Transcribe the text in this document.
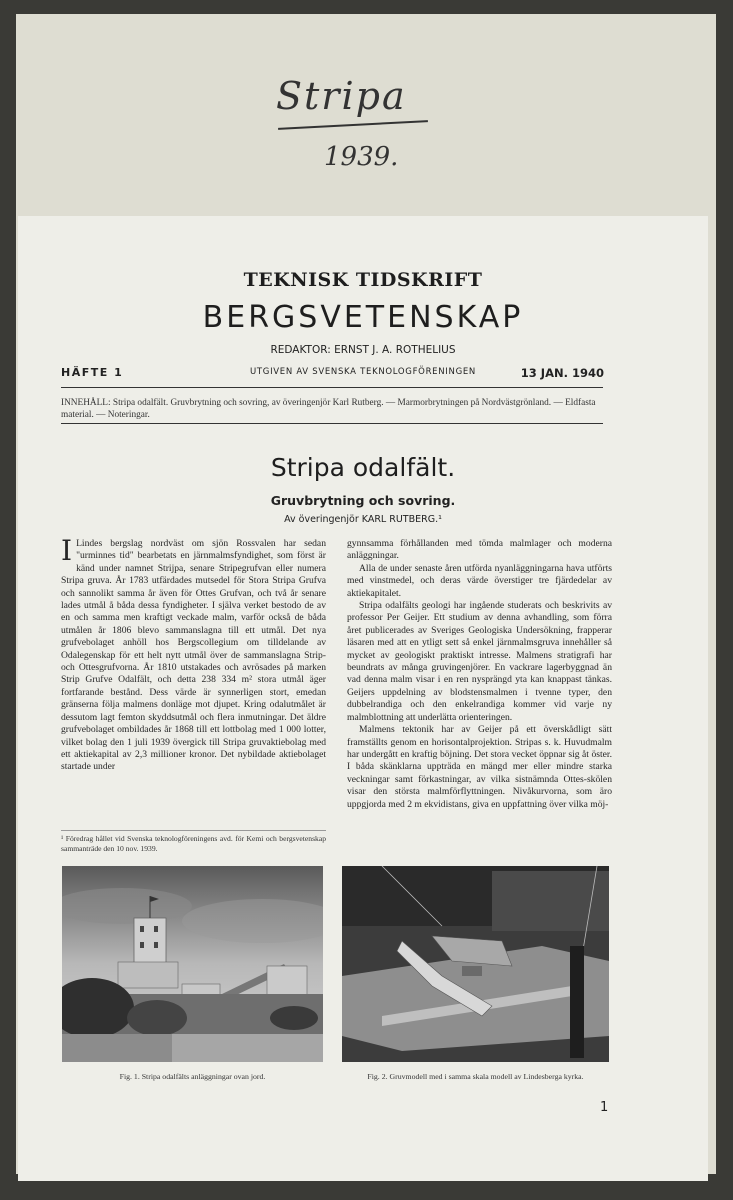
Stripa
1939.
TEKNISK TIDSKRIFT
BERGSVETENSKAP
REDAKTOR: ERNST J. A. ROTHELIUS
HÄFTE 1	UTGIVEN AV SVENSKA TEKNOLOGFÖRENINGEN	13 JAN. 1940
INNEHÅLL: Stripa odalfält. Gruvbrytning och sovring, av överingenjör Karl Rutberg. — Marmorbrytningen på Nordvästgrönland. — Eldfasta material. — Noteringar.
Stripa odalfält.
Gruvbrytning och sovring.
Av överingenjör KARL RUTBERG.¹

I Lindes bergslag nordväst om sjön Rossvalen har sedan "urminnes tid" bearbetats en järnmalmsfyndighet, som först är känd under namnet Strijpa, senare Stripegrufvan eller numera Stripa gruva. År 1783 utfärdades mutsedel för Stora Stripa Grufva och sannolikt samma år även för Ottes Grufvan, och två år senare lades utmål å båda dessa fyndigheter. I själva verket bestodo de av en och samma men kraftigt veckade malm, varför också de båda utmålen år 1806 blevo sammanslagna till ett utmål. Det nya grufvebolaget anhöll hos Bergscollegium om tilldelande av Odalegenskap för ett helt nytt utmål över de sammanslagna Strip- och Ottesgrufvorna. År 1810 utstakades och avrösades på marken Strip Grufve Odalfält, och detta 238 334 m² stora utmål äger fortfarande bestånd. Dess värde är synnerligen stort, emedan gränserna följa malmens donläge mot djupet. Kring odalutmålet är dessutom lagt femton skyddsutmål och flera inmutningar. Det äldre grufvebolaget ombildades år 1868 till ett lottbolag med 1 000 lotter, vilket bolag den 1 juli 1939 övergick till Stripa gruvaktiebolag med ett aktiekapital av 2,3 millioner kronor. Det nybildade aktiebolaget startade under

¹ Föredrag hållet vid Svenska teknologföreningens avd. för Kemi och bergsvetenskap sammanträde den 10 nov. 1939.

gynnsamma förhållanden med tömda malmlager och moderna anläggningar.

Alla de under senaste åren utförda nyanläggningarna hava utförts med vinstmedel, och deras värde överstiger tre fjärdedelar av aktiekapitalet.

Stripa odalfälts geologi har ingående studerats och beskrivits av professor Per Geijer. Ett studium av denna avhandling, som förra året publicerades av Sveriges Geologiska Undersökning, frapperar läsaren med att en ytligt sett så enkel järnmalmsgruva innehåller så mycket av geologiskt praktiskt intresse. Malmens stratigrafi har beundrats av många gruvingenjörer. En vackrare lagerbyggnad än vad denna malm visar i en ren nysprängd yta kan knappast tänkas. Geijers uppdelning av blodstensmalmen i tvenne typer, den dubbelrandiga och den enkelrandiga kommer vid varje ny malmblottning att underlätta orienteringen.

Malmens tektonik har av Geijer på ett överskådligt sätt framställts genom en horisontalprojektion. Stripas s. k. Huvudmalm har undergått en kraftig böjning. Det stora vecket öppnar sig åt öster. I båda skänklarna uppträda en mängd mer eller mindre starka veckningar samt förkastningar, av vilka sistnämnda Ottes-skölen visar den största malmförflyttningen. Nivåkurvorna, som äro uppgjorda med 2 m ekvidistans, giva en uppfattning över vilka möj-

Fig. 1. Stripa odalfälts anläggningar ovan jord.	Fig. 2. Gruvmodell med i samma skala modell av Lindesberga kyrka.
1
